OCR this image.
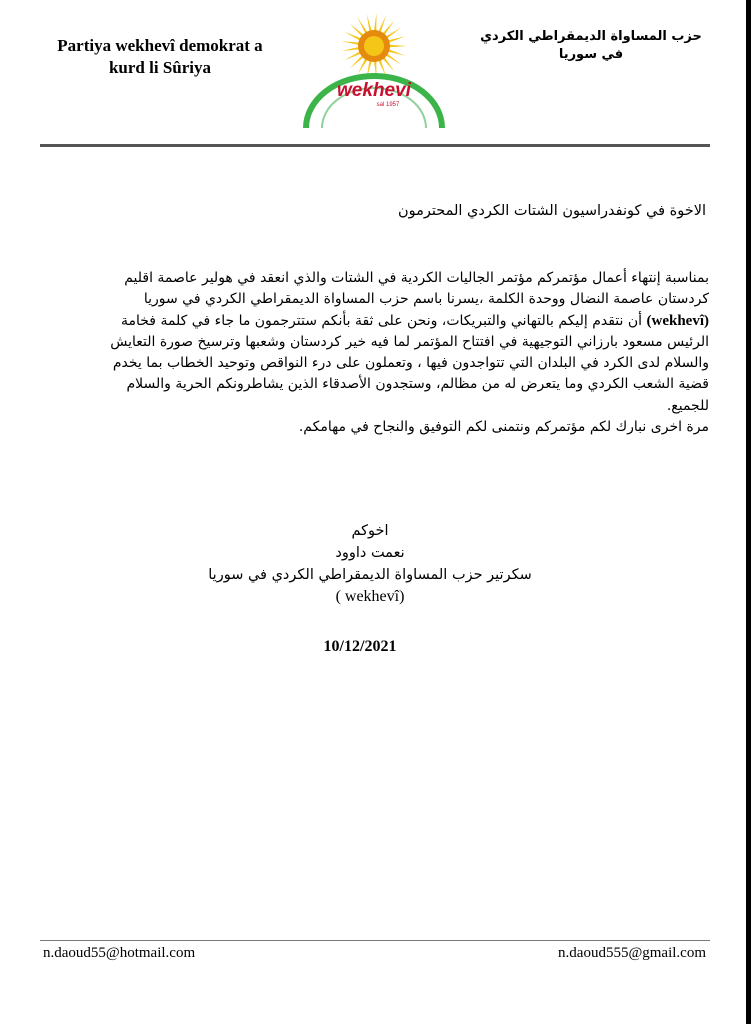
Partiya wekhevî demokrat a
kurd li Sûriya
wekhevi
sal 1957
حزب المساواة الديمقراطي الكردي
في سوريا
الاخوة في كونفدراسيون الشتات الكردي المحترمون

بمناسبة إنتهاء أعمال مؤتمركم مؤتمر الجاليات الكردية في الشتات والذي انعقد في هولير عاصمة اقليم

كردستان عاصمة النضال ووحدة الكلمة ،يسرنا باسم حزب المساواة الديمقراطي الكردي في سوريا

(wekhevî) أن نتقدم إليكم بالتهاني والتبريكات، ونحن على ثقة بأنكم ستترجمون ما جاء في كلمة فخامة

الرئيس مسعود بارزاني التوجيهية في افتتاح المؤتمر لما فيه خير كردستان وشعبها وترسيخ صورة التعايش

والسلام لدى الكرد في البلدان التي تتواجدون فيها ، وتعملون على درء النواقص وتوحيد الخطاب بما يخدم

قضية الشعب الكردي وما يتعرض له من مظالم، وستجدون الأصدقاء الذين يشاطرونكم الحرية والسلام

للجميع.

مرة اخرى نبارك لكم مؤتمركم ونتمنى لكم التوفيق والنجاح في مهامكم.

اخوكم
نعمت داوود
سكرتير حزب المساواة الديمقراطي الكردي في سوريا
( wekhevî)
10/12/2021
n.daoud55@hotmail.com	n.daoud555@gmail.com
